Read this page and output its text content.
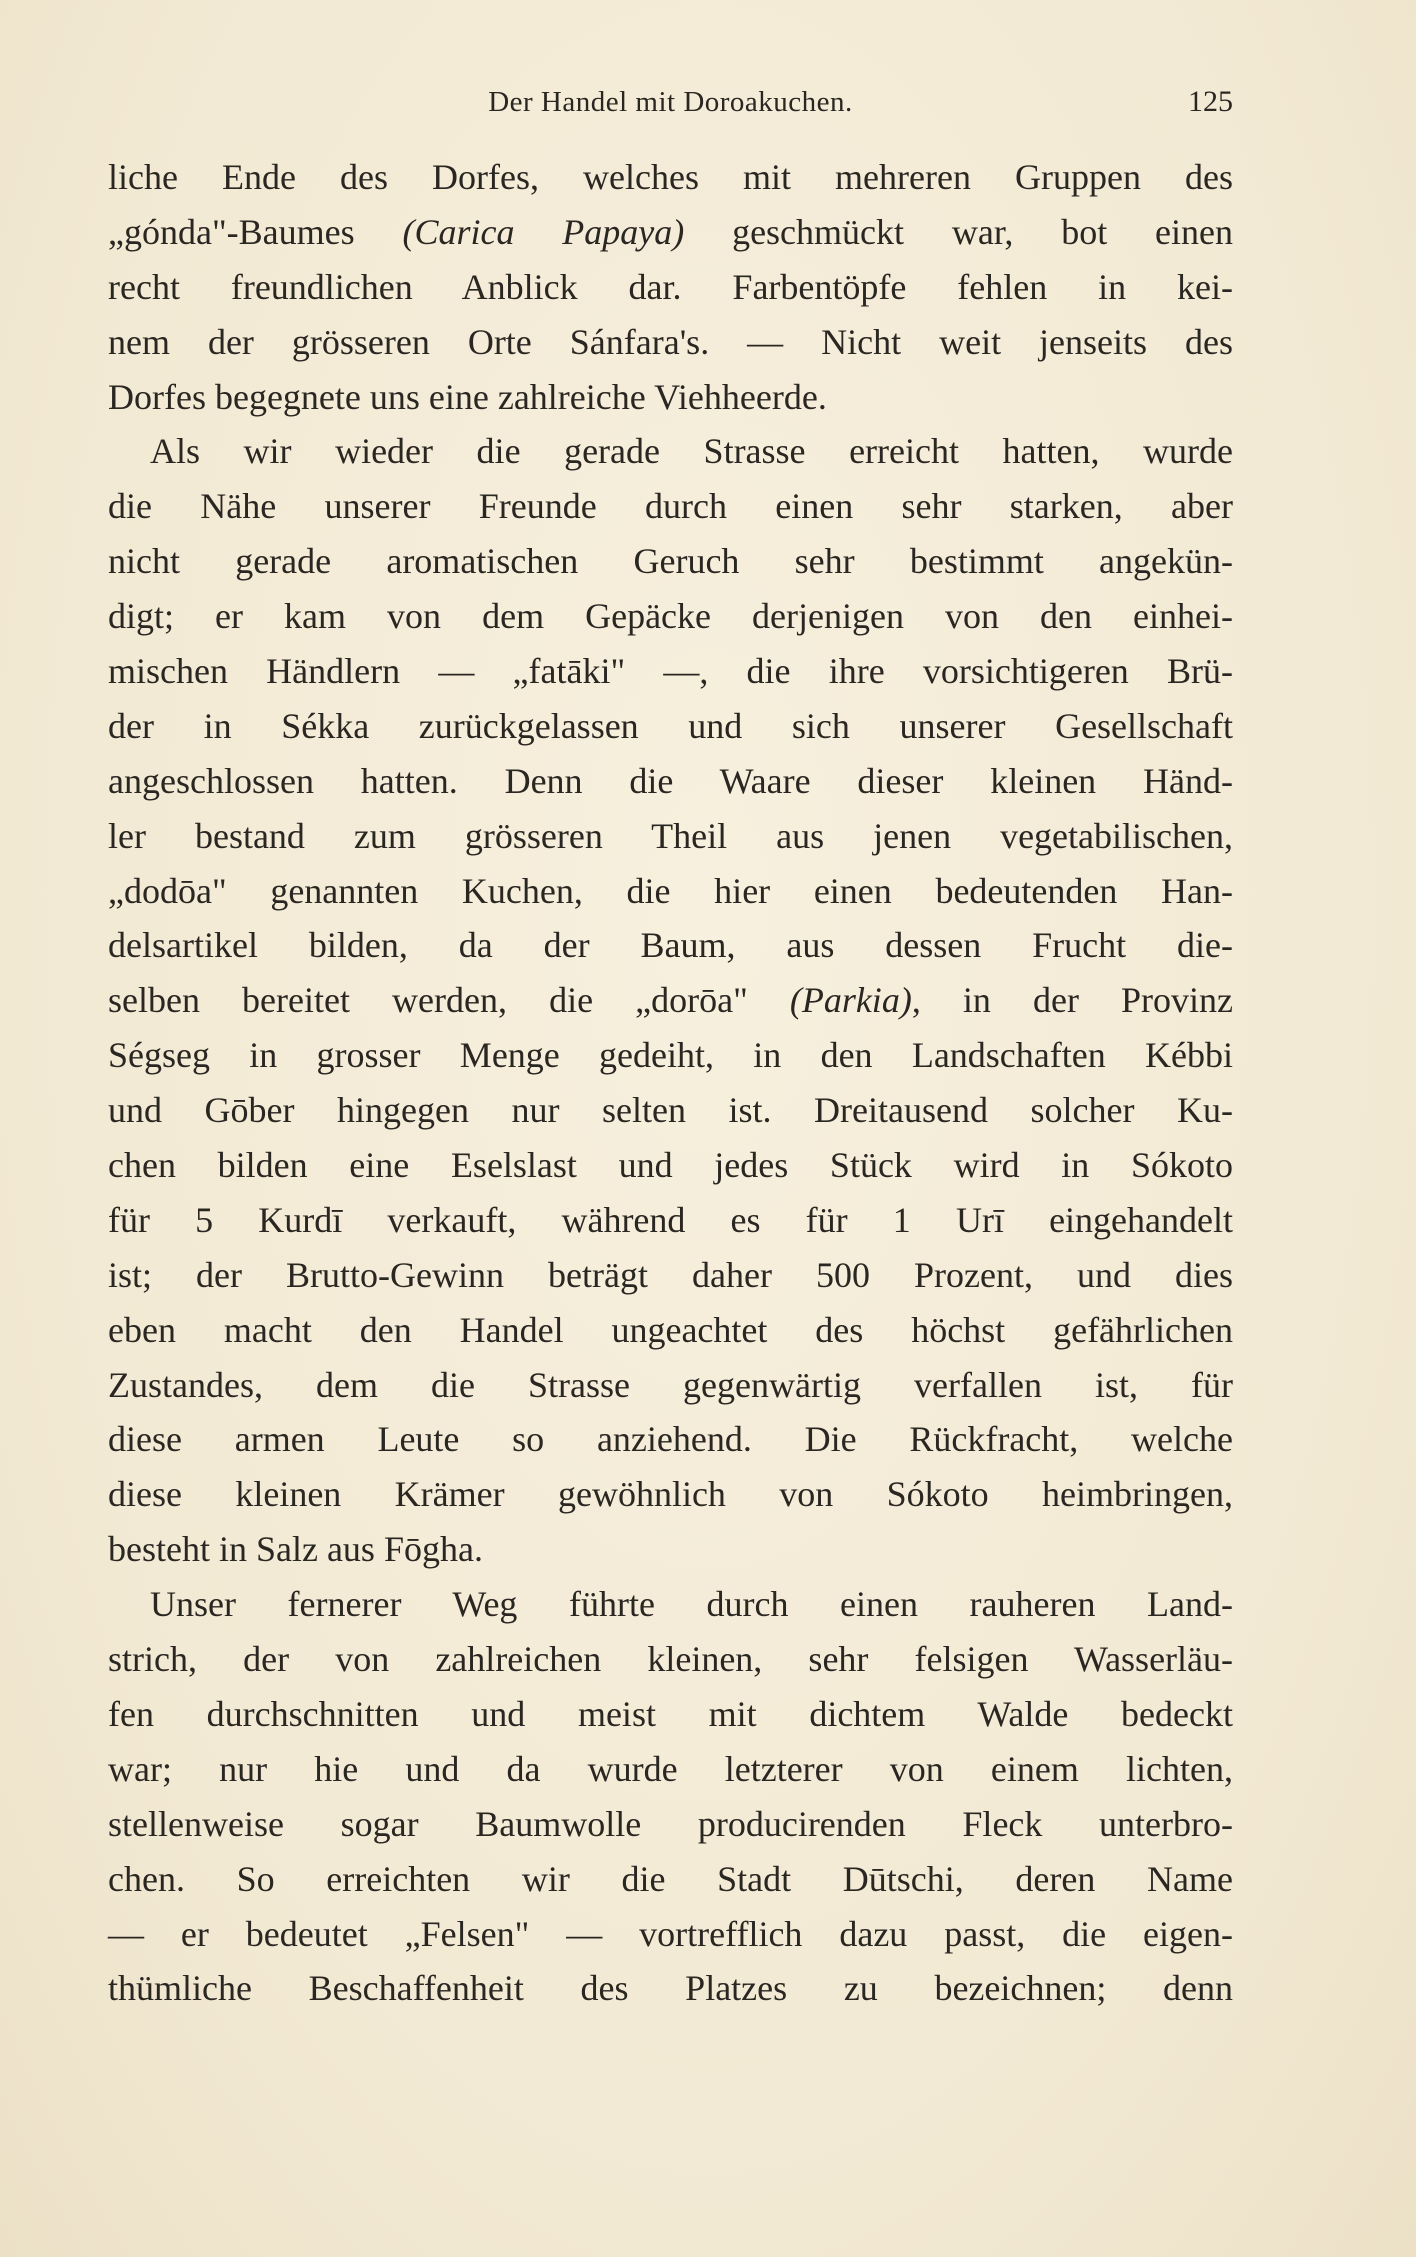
Der Handel mit Doroakuchen.	125
liche Ende des Dorfes, welches mit mehreren Gruppen des
„gónda"-Baumes (Carica Papaya) geschmückt war, bot einen
recht freundlichen Anblick dar. Farbentöpfe fehlen in kei-
nem der grösseren Orte Sánfara's. — Nicht weit jenseits des
Dorfes begegnete uns eine zahlreiche Viehheerde.
Als wir wieder die gerade Strasse erreicht hatten, wurde
die Nähe unserer Freunde durch einen sehr starken, aber
nicht gerade aromatischen Geruch sehr bestimmt angekün-
digt; er kam von dem Gepäcke derjenigen von den einhei-
mischen Händlern — „fatāki" —, die ihre vorsichtigeren Brü-
der in Sékka zurückgelassen und sich unserer Gesellschaft
angeschlossen hatten. Denn die Waare dieser kleinen Händ-
ler bestand zum grösseren Theil aus jenen vegetabilischen,
„dodōa" genannten Kuchen, die hier einen bedeutenden Han-
delsartikel bilden, da der Baum, aus dessen Frucht die-
selben bereitet werden, die „dorōa" (Parkia), in der Provinz
Ségseg in grosser Menge gedeiht, in den Landschaften Kébbi
und Gōber hingegen nur selten ist. Dreitausend solcher Ku-
chen bilden eine Eselslast und jedes Stück wird in Sókoto
für 5 Kurdī verkauft, während es für 1 Urī eingehandelt
ist; der Brutto-Gewinn beträgt daher 500 Prozent, und dies
eben macht den Handel ungeachtet des höchst gefährlichen
Zustandes, dem die Strasse gegenwärtig verfallen ist, für
diese armen Leute so anziehend. Die Rückfracht, welche
diese kleinen Krämer gewöhnlich von Sókoto heimbringen,
besteht in Salz aus Fōgha.
Unser fernerer Weg führte durch einen rauheren Land-
strich, der von zahlreichen kleinen, sehr felsigen Wasserläu-
fen durchschnitten und meist mit dichtem Walde bedeckt
war; nur hie und da wurde letzterer von einem lichten,
stellenweise sogar Baumwolle producirenden Fleck unterbro-
chen. So erreichten wir die Stadt Dūtschi, deren Name
— er bedeutet „Felsen" — vortrefflich dazu passt, die eigen-
thümliche Beschaffenheit des Platzes zu bezeichnen; denn
